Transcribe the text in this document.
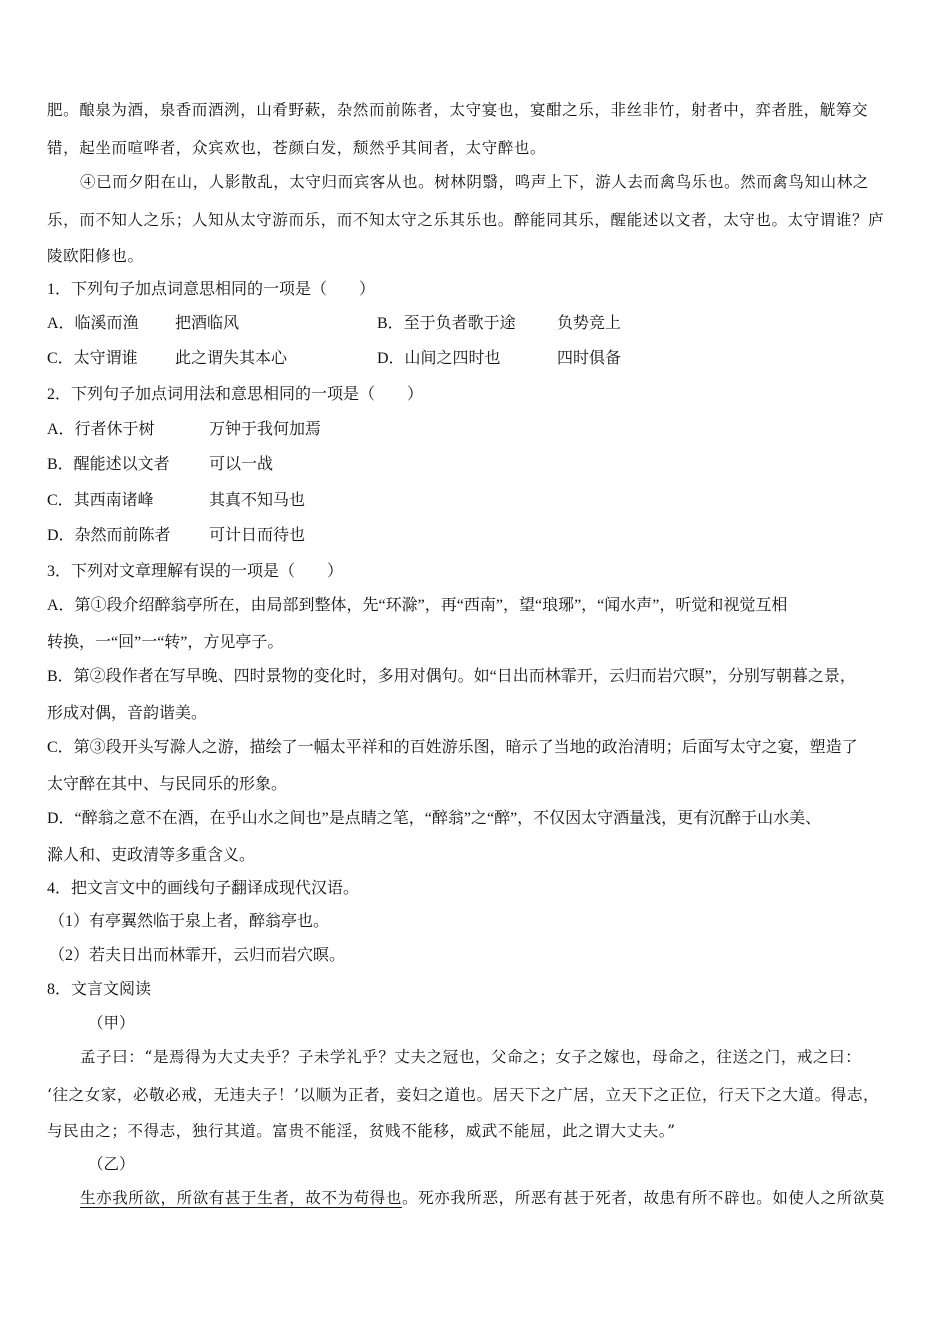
肥。酿泉为酒，泉香而酒洌，山肴野蔌，杂然而前陈者，太守宴也，宴酣之乐，非丝非竹，射者中，弈者胜，觥筹交
错，起坐而喧哗者，众宾欢也，苍颜白发，颓然乎其间者，太守醉也。
④已而夕阳在山，人影散乱，太守归而宾客从也。树林阴翳，鸣声上下，游人去而禽鸟乐也。然而禽鸟知山林之
乐，而不知人之乐；人知从太守游而乐，而不知太守之乐其乐也。醉能同其乐，醒能述以文者，太守也。太守谓谁？庐
陵欧阳修也。
1．下列句子加点词意思相同的一项是（　　）
A．临溪而渔 把酒临风	B．至于负者歌于途	负势竞上
C．太守谓谁 此之谓失其本心	D．山间之四时也	四时俱备
2．下列句子加点词用法和意思相同的一项是（　　）
A．行者休于树	万钟于我何加焉
B．醒能述以文者 可以一战
C．其西南诸峰	其真不知马也
D．杂然而前陈者 可计日而待也
3．下列对文章理解有误的一项是（　　）
A．第①段介绍醉翁亭所在，由局部到整体，先“环滁”，再“西南”，望“琅琊”，“闻水声”，听觉和视觉互相
转换，一“回”一“转”，方见亭子。
B．第②段作者在写早晚、四时景物的变化时，多用对偶句。如“日出而林霏开，云归而岩穴暝”，分别写朝暮之景，
形成对偶，音韵谐美。
C．第③段开头写滁人之游，描绘了一幅太平祥和的百姓游乐图，暗示了当地的政治清明；后面写太守之宴，塑造了
太守醉在其中、与民同乐的形象。
D．“醉翁之意不在酒，在乎山水之间也”是点睛之笔，“醉翁”之“醉”，不仅因太守酒量浅，更有沉醉于山水美、
滁人和、吏政清等多重含义。
4．把文言文中的画线句子翻译成现代汉语。
（1）有亭翼然临于泉上者，醉翁亭也。
（2）若夫日出而林霏开，云归而岩穴暝。
8．文言文阅读
（甲）
孟子曰：“是焉得为大丈夫乎？子未学礼乎？丈夫之冠也，父命之；女子之嫁也，母命之，往送之门，戒之曰：
‘往之女家，必敬必戒，无违夫子！’以顺为正者，妾妇之道也。居天下之广居，立天下之正位，行天下之大道。得志，
与民由之；不得志，独行其道。富贵不能淫，贫贱不能移，威武不能屈，此之谓大丈夫。”
（乙）
生亦我所欲，所欲有甚于生者，故不为苟得也。死亦我所恶，所恶有甚于死者，故患有所不辟也。如使人之所欲莫
